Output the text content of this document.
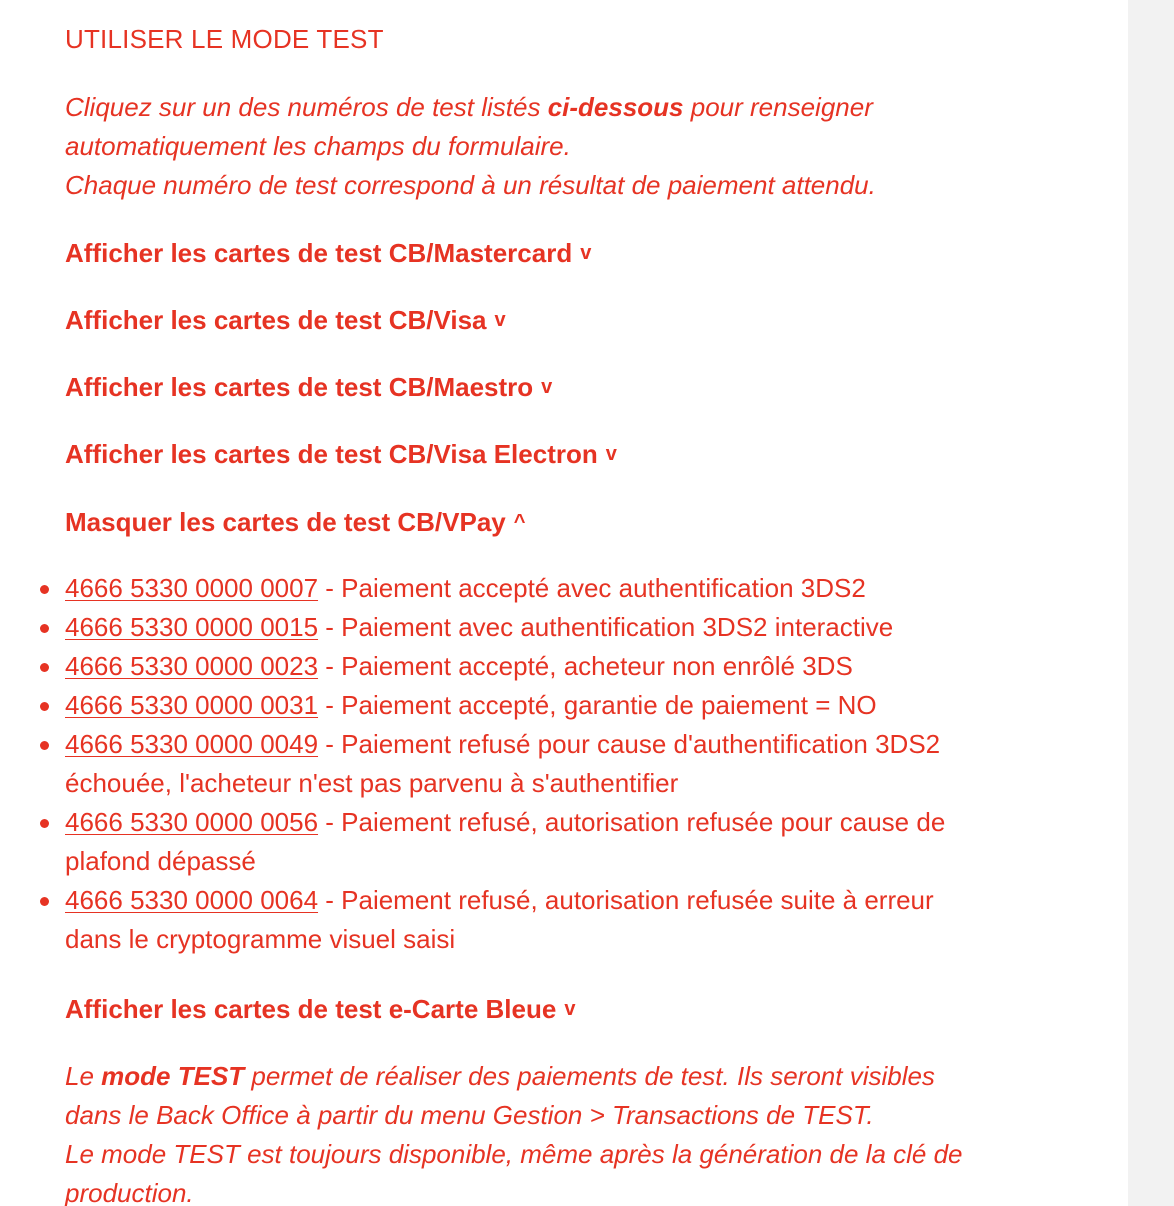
UTILISER LE MODE TEST
Cliquez sur un des numéros de test listés ci-dessous pour renseigner
automatiquement les champs du formulaire.
Chaque numéro de test correspond à un résultat de paiement attendu.
Afficher les cartes de test CB/Mastercard v
Afficher les cartes de test CB/Visa v
Afficher les cartes de test CB/Maestro v
Afficher les cartes de test CB/Visa Electron v
Masquer les cartes de test CB/VPay ^
4666 5330 0000 0007 - Paiement accepté avec authentification 3DS2
4666 5330 0000 0015 - Paiement avec authentification 3DS2 interactive
4666 5330 0000 0023 - Paiement accepté, acheteur non enrôlé 3DS
4666 5330 0000 0031 - Paiement accepté, garantie de paiement = NO
4666 5330 0000 0049 - Paiement refusé pour cause d'authentification 3DS2
échouée, l'acheteur n'est pas parvenu à s'authentifier
4666 5330 0000 0056 - Paiement refusé, autorisation refusée pour cause de
plafond dépassé
4666 5330 0000 0064 - Paiement refusé, autorisation refusée suite à erreur
dans le cryptogramme visuel saisi
Afficher les cartes de test e-Carte Bleue v
Le mode TEST permet de réaliser des paiements de test. Ils seront visibles
dans le Back Office à partir du menu Gestion > Transactions de TEST.
Le mode TEST est toujours disponible, même après la génération de la clé de
production.
